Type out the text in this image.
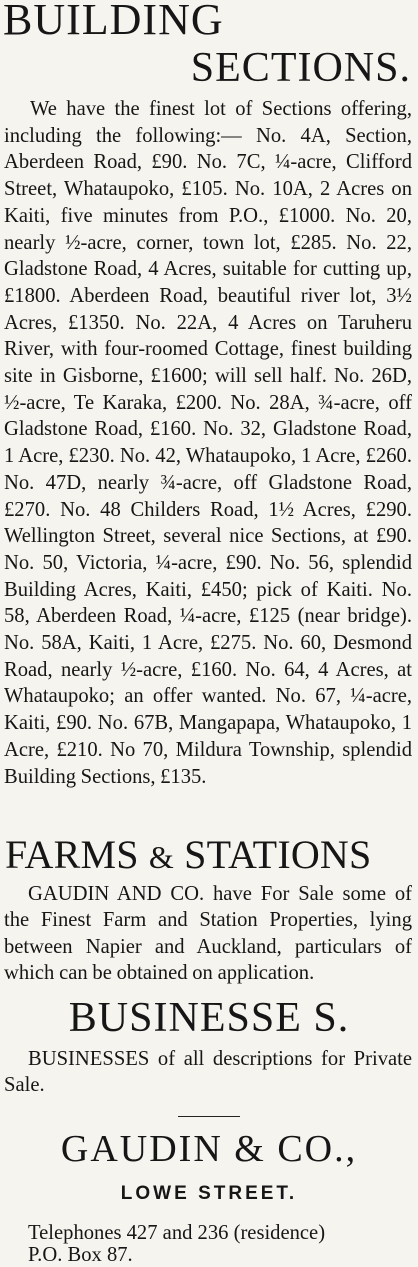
BUILDING
SECTIONS.
We have the finest lot of Sections offering, including the following:— No. 4A, Section, Aberdeen Road, £90. No. 7C, ¼-acre, Clifford Street, Whataupoko, £105. No. 10A, 2 Acres on Kaiti, five minutes from P.O., £1000. No. 20, nearly ½-acre, corner, town lot, £285. No. 22, Gladstone Road, 4 Acres, suitable for cutting up, £1800. Aberdeen Road, beautiful river lot, 3½ Acres, £1350. No. 22A, 4 Acres on Taruheru River, with four-roomed Cottage, finest building site in Gisborne, £1600; will sell half. No. 26D, ½-acre, Te Karaka, £200. No. 28A, ¾-acre, off Gladstone Road, £160. No. 32, Gladstone Road, 1 Acre, £230. No. 42, Whataupoko, 1 Acre, £260. No. 47D, nearly ¾-acre, off Gladstone Road, £270. No. 48 Childers Road, 1½ Acres, £290. Wellington Street, several nice Sections, at £90. No. 50, Victoria, ¼-acre, £90. No. 56, splendid Building Acres, Kaiti, £450; pick of Kaiti. No. 58, Aberdeen Road, ¼-acre, £125 (near bridge). No. 58A, Kaiti, 1 Acre, £275. No. 60, Desmond Road, nearly ½-acre, £160. No. 64, 4 Acres, at Whataupoko; an offer wanted. No. 67, ¼-acre, Kaiti, £90. No. 67B, Mangapapa, Whataupoko, 1 Acre, £210. No 70, Mildura Township, splendid Building Sections, £135.
FARMS & STATIONS
GAUDIN AND CO. have For Sale some of the Finest Farm and Station Properties, lying between Napier and Auckland, particulars of which can be obtained on application.
BUSINESSE S.
BUSINESSES of all descriptions for Private Sale.
GAUDIN & CO.,
LOWE STREET.
Telephones 427 and 236 (residence)
P.O. Box 87.
